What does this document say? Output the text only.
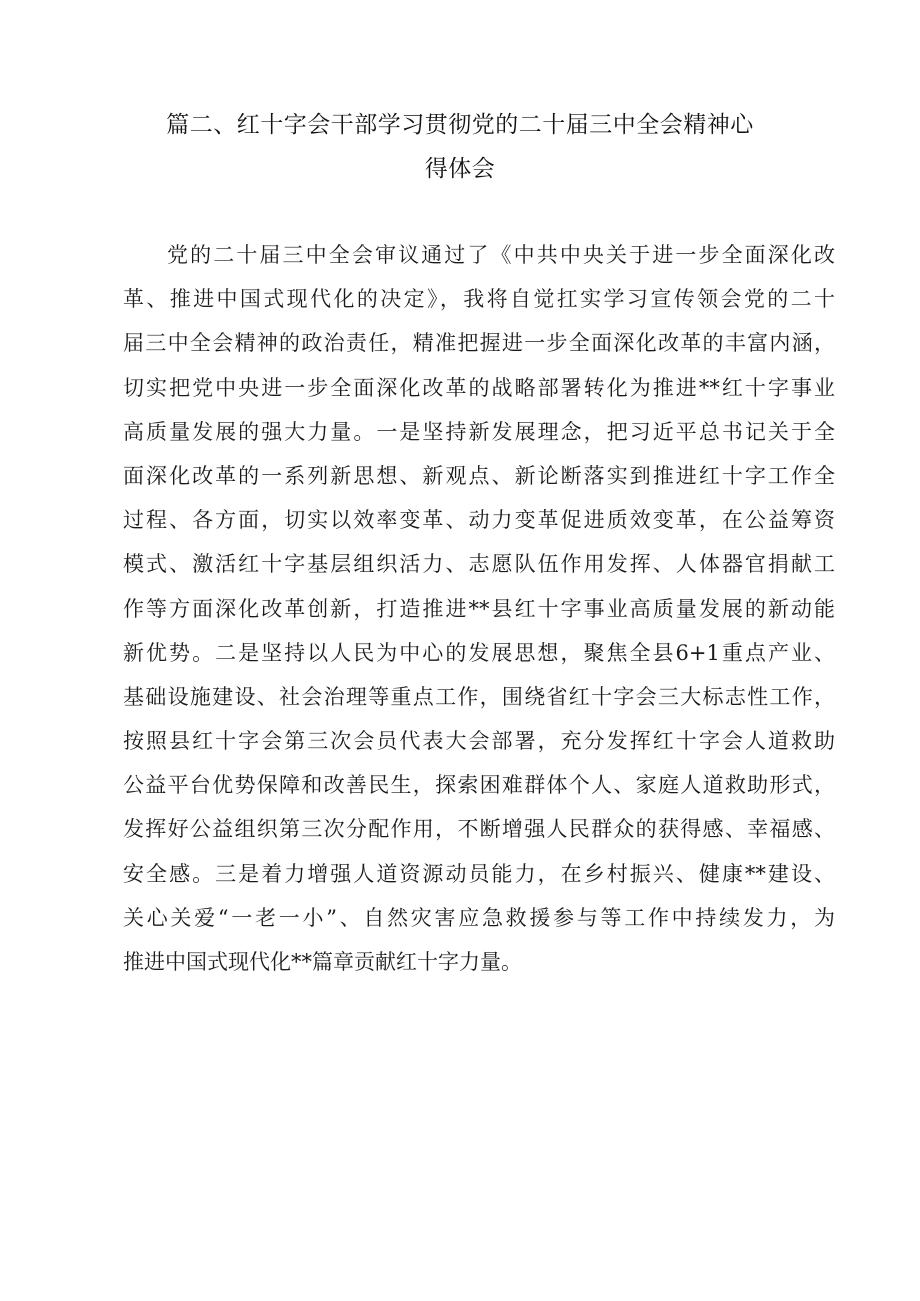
篇二、红十字会干部学习贯彻党的二十届三中全会精神心
得体会
党的二十届三中全会审议通过了《中共中央关于进一步全面深化改
革、推进中国式现代化的决定》，我将自觉扛实学习宣传领会党的二十
届三中全会精神的政治责任，精准把握进一步全面深化改革的丰富内涵，
切实把党中央进一步全面深化改革的战略部署转化为推进**红十字事业
高质量发展的强大力量。一是坚持新发展理念，把习近平总书记关于全
面深化改革的一系列新思想、新观点、新论断落实到推进红十字工作全
过程、各方面，切实以效率变革、动力变革促进质效变革，在公益筹资
模式、激活红十字基层组织活力、志愿队伍作用发挥、人体器官捐献工
作等方面深化改革创新，打造推进**县红十字事业高质量发展的新动能
新优势。二是坚持以人民为中心的发展思想，聚焦全县6+1重点产业、
基础设施建设、社会治理等重点工作，围绕省红十字会三大标志性工作，
按照县红十字会第三次会员代表大会部署，充分发挥红十字会人道救助
公益平台优势保障和改善民生，探索困难群体个人、家庭人道救助形式，
发挥好公益组织第三次分配作用，不断增强人民群众的获得感、幸福感、
安全感。三是着力增强人道资源动员能力，在乡村振兴、健康**建设、
关心关爱“一老一小”、自然灾害应急救援参与等工作中持续发力，为
推进中国式现代化**篇章贡献红十字力量。
